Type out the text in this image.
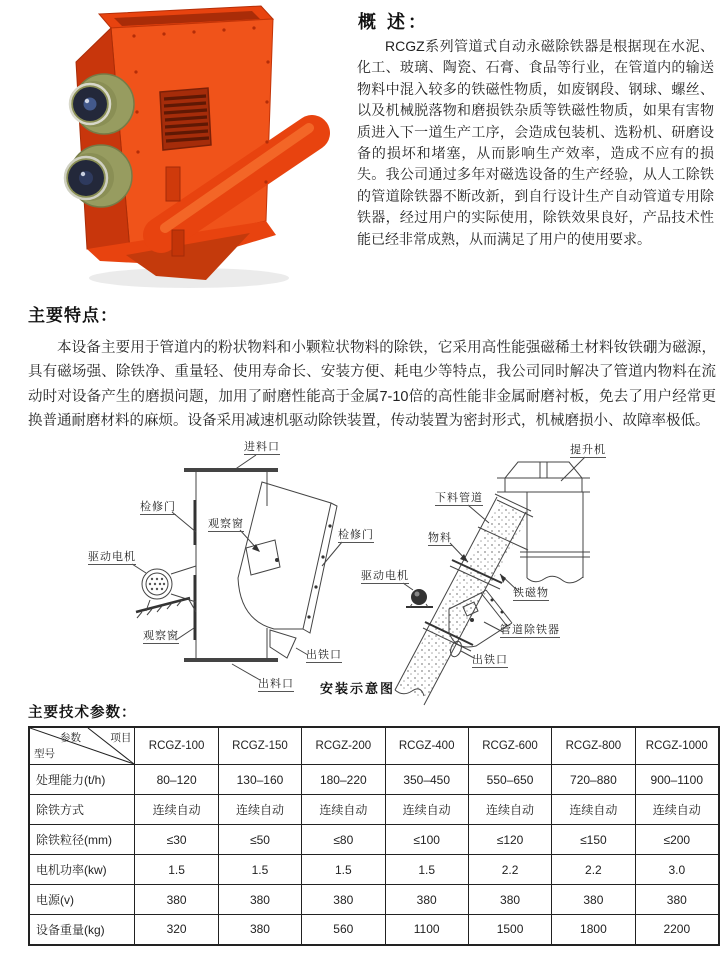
概 述：
RCGZ系列管道式自动永磁除铁器是根据现在水泥、化工、玻璃、陶瓷、石膏、食品等行业，在管道内的输送物料中混入较多的铁磁性物质，如废钢段、钢球、螺丝、以及机械脱落物和磨损铁杂质等铁磁性物质，如果有害物质进入下一道生产工序，会造成包装机、选粉机、研磨设备的损坏和堵塞，从而影响生产效率，造成不应有的损失。我公司通过多年对磁选设备的生产经验，从人工除铁的管道除铁器不断改新，到自行设计生产自动管道专用除铁器，经过用户的实际使用，除铁效果良好，产品技术性能已经非常成熟，从而满足了用户的使用要求。
主要特点：
本设备主要用于管道内的粉状物料和小颗粒状物料的除铁，它采用高性能强磁稀土材料钕铁硼为磁源，具有磁场强、除铁净、重量轻、使用寿命长、安装方便、耗电少等特点，我公司同时解决了管道内物料在流动时对设备产生的磨损问题，加用了耐磨性能高于金属7-10倍的高性能非金属耐磨衬板，免去了用户经常更换普通耐磨材料的麻烦。设备采用减速机驱动除铁装置，传动装置为密封形式，机械磨损小、故障率极低。
进料口
检修门
观察窗
检修门
驱动电机
观察窗
出铁口
出料口 安装示意图
提升机
下料管道
物料
驱动电机
铁磁物
管道除铁器
出铁口
主要技术参数：
参数 项目
型号	RCGZ-100	RCGZ-150	RCGZ-200	RCGZ-400	RCGZ-600	RCGZ-800	RCGZ-1000
处理能力(t/h)	80–120	130–160	180–220	350–450	550–650	720–880	900–1100
除铁方式	连续自动	连续自动	连续自动	连续自动	连续自动	连续自动	连续自动
除铁粒径(mm)	≤30	≤50	≤80	≤100	≤120	≤150	≤200
电机功率(kw)	1.5	1.5	1.5	1.5	2.2	2.2	3.0
电源(v)	380	380	380	380	380	380	380
设备重量(kg)	320	380	560	1100	1500	1800	2200
